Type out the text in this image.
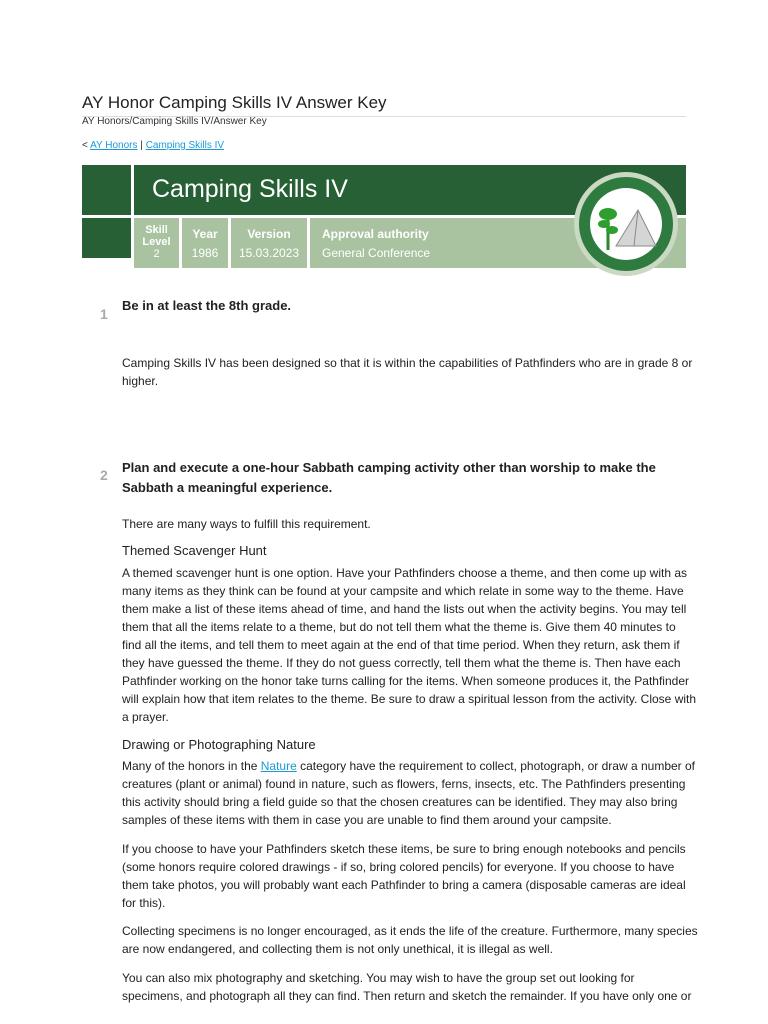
AY Honor Camping Skills IV Answer Key
AY Honors/Camping Skills IV/Answer Key
< AY Honors | Camping Skills IV
Camping Skills IV
Skill
Level
2
Year
1986
Version
15.03.2023
Approval authority
General Conference
1
Be in at least the 8th grade.
Camping Skills IV has been designed so that it is within the capabilities of Pathfinders who are in grade 8 or higher.
2 Plan and execute a one-hour Sabbath camping activity other than worship to make the Sabbath a meaningful experience.
There are many ways to fulfill this requirement.
Themed Scavenger Hunt
A themed scavenger hunt is one option. Have your Pathfinders choose a theme, and then come up with as many items as they think can be found at your campsite and which relate in some way to the theme. Have them make a list of these items ahead of time, and hand the lists out when the activity begins. You may tell them that all the items relate to a theme, but do not tell them what the theme is. Give them 40 minutes to find all the items, and tell them to meet again at the end of that time period. When they return, ask them if they have guessed the theme. If they do not guess correctly, tell them what the theme is. Then have each Pathfinder working on the honor take turns calling for the items. When someone produces it, the Pathfinder will explain how that item relates to the theme. Be sure to draw a spiritual lesson from the activity. Close with a prayer.
Drawing or Photographing Nature
Many of the honors in the Nature category have the requirement to collect, photograph, or draw a number of creatures (plant or animal) found in nature, such as flowers, ferns, insects, etc. The Pathfinders presenting this activity should bring a field guide so that the chosen creatures can be identified. They may also bring samples of these items with them in case you are unable to find them around your campsite.
If you choose to have your Pathfinders sketch these items, be sure to bring enough notebooks and pencils (some honors require colored drawings - if so, bring colored pencils) for everyone. If you choose to have them take photos, you will probably want each Pathfinder to bring a camera (disposable cameras are ideal for this).
Collecting specimens is no longer encouraged, as it ends the life of the creature. Furthermore, many species are now endangered, and collecting them is not only unethical, it is illegal as well.
You can also mix photography and sketching. You may wish to have the group set out looking for specimens, and photograph all they can find. Then return and sketch the remainder. If you have only one or
